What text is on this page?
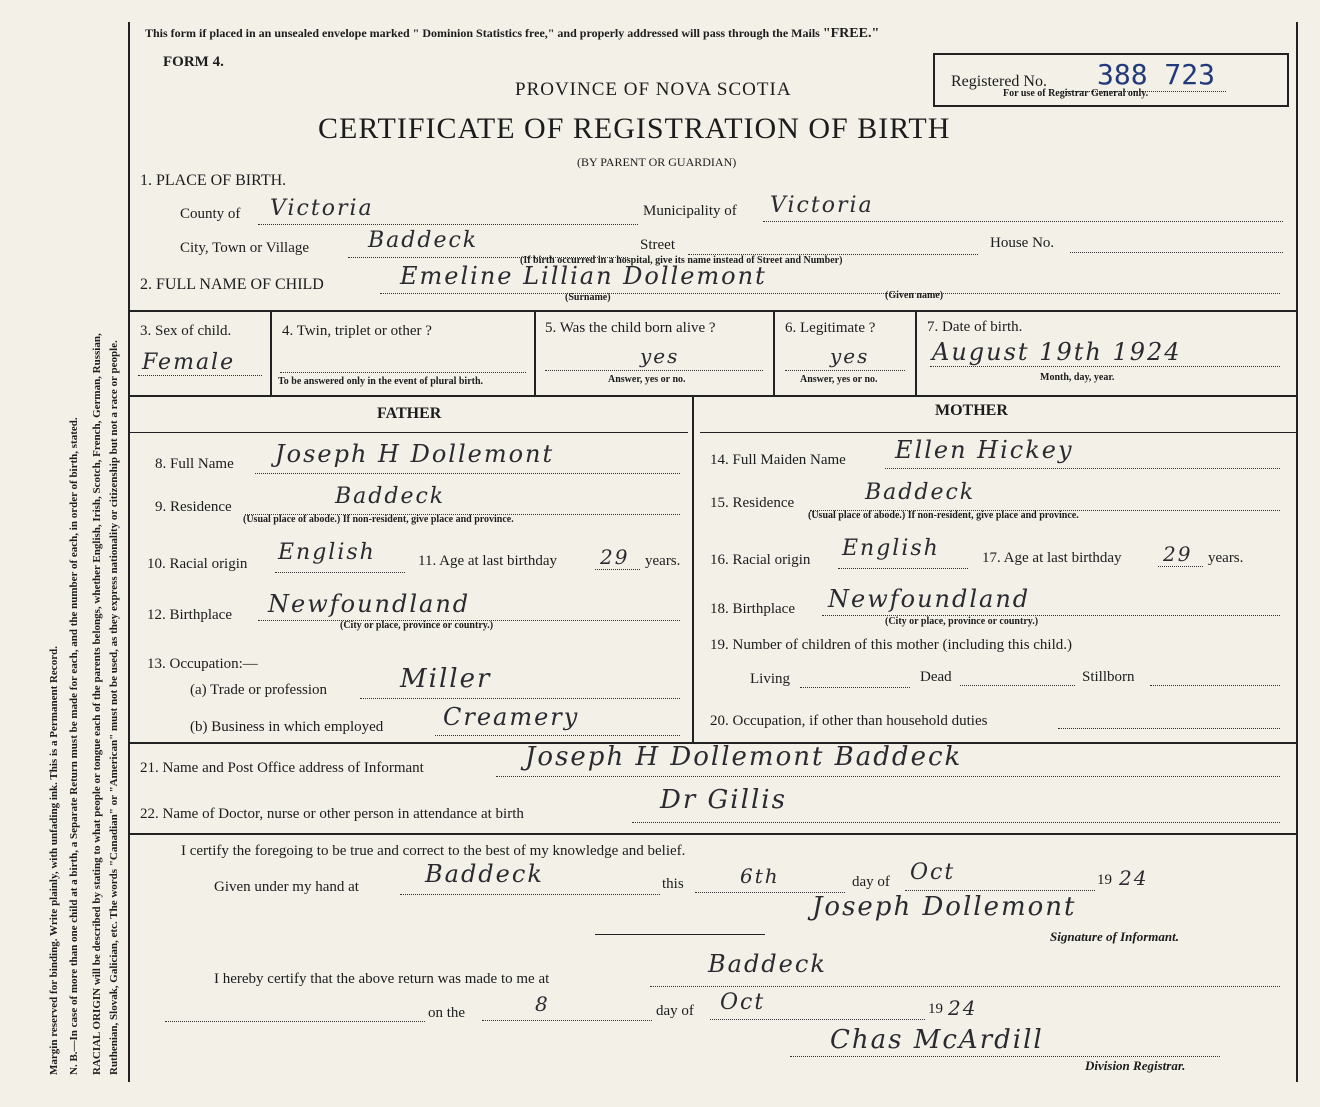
Margin reserved for binding. Write plainly, with unfading ink. This is a Permanent Record. N. B.—In case of more than one child at a birth, a Separate Return must be made for each, and the number of each, in order of birth, stated. RACIAL ORIGIN will be described by stating to what people or tongue each of the parents belongs, whether English, Irish, Scotch, French, German, Russian, Ruthenian, Slovak, Galician, etc. The words "Canadian" or "American" must not be used, as they express nationality or citizenship but not a race or people.
This form if placed in an unsealed envelope marked " Dominion Statistics free," and properly addressed will pass through the Mails "FREE."
FORM 4.
PROVINCE OF NOVA SCOTIA
CERTIFICATE OF REGISTRATION OF BIRTH
(BY PARENT OR GUARDIAN)
Registered No. 388 723
For use of Registrar General only.
1. PLACE OF BIRTH.
County of Victoria	Municipality of Victoria
City, Town or Village	Baddeck	Street	House No.
(If birth occurred in a hospital, give its name instead of Street and Number)
2. FULL NAME OF CHILD	Emeline Lillian Dollemont
(Surname)	(Given name)
3. Sex of child.
Female
4. Twin, triplet or other ?
To be answered only in the event of plural birth.
5. Was the child born alive ?
yes
Answer, yes or no.
6. Legitimate ?
yes
Answer, yes or no.
7. Date of birth.
August 19th 1924
Month, day, year.
FATHER	MOTHER
8. Full Name Joseph H Dollemont
9. Residence	Baddeck
(Usual place of abode.) If non-resident, give place and province.
10. Racial origin English	11. Age at last birthday 29 years.
12. Birthplace Newfoundland
(City or place, province or country.)
13. Occupation:—
(a) Trade or profession	Miller
(b) Business in which employed Creamery
14. Full Maiden Name Ellen Hickey
15. Residence	Baddeck
(Usual place of abode.) If non-resident, give place and province.
16. Racial origin English	17. Age at last birthday 29 years.
18. Birthplace Newfoundland
(City or place, province or country.)
19. Number of children of this mother (including this child.)
Living	Dead	Stillborn
20. Occupation, if other than household duties
21. Name and Post Office address of Informant	Joseph H Dollemont Baddeck
22. Name of Doctor, nurse or other person in attendance at birth	Dr Gillis
I certify the foregoing to be true and correct to the best of my knowledge and belief.
Given under my hand at	Baddeck	this	6th	day of Oct	19 24
Joseph Dollemont
Signature of Informant.
I hereby certify that the above return was made to me at
Baddeck
on the	8	day of Oct	19 24
Chas McArdill
Division Registrar.
